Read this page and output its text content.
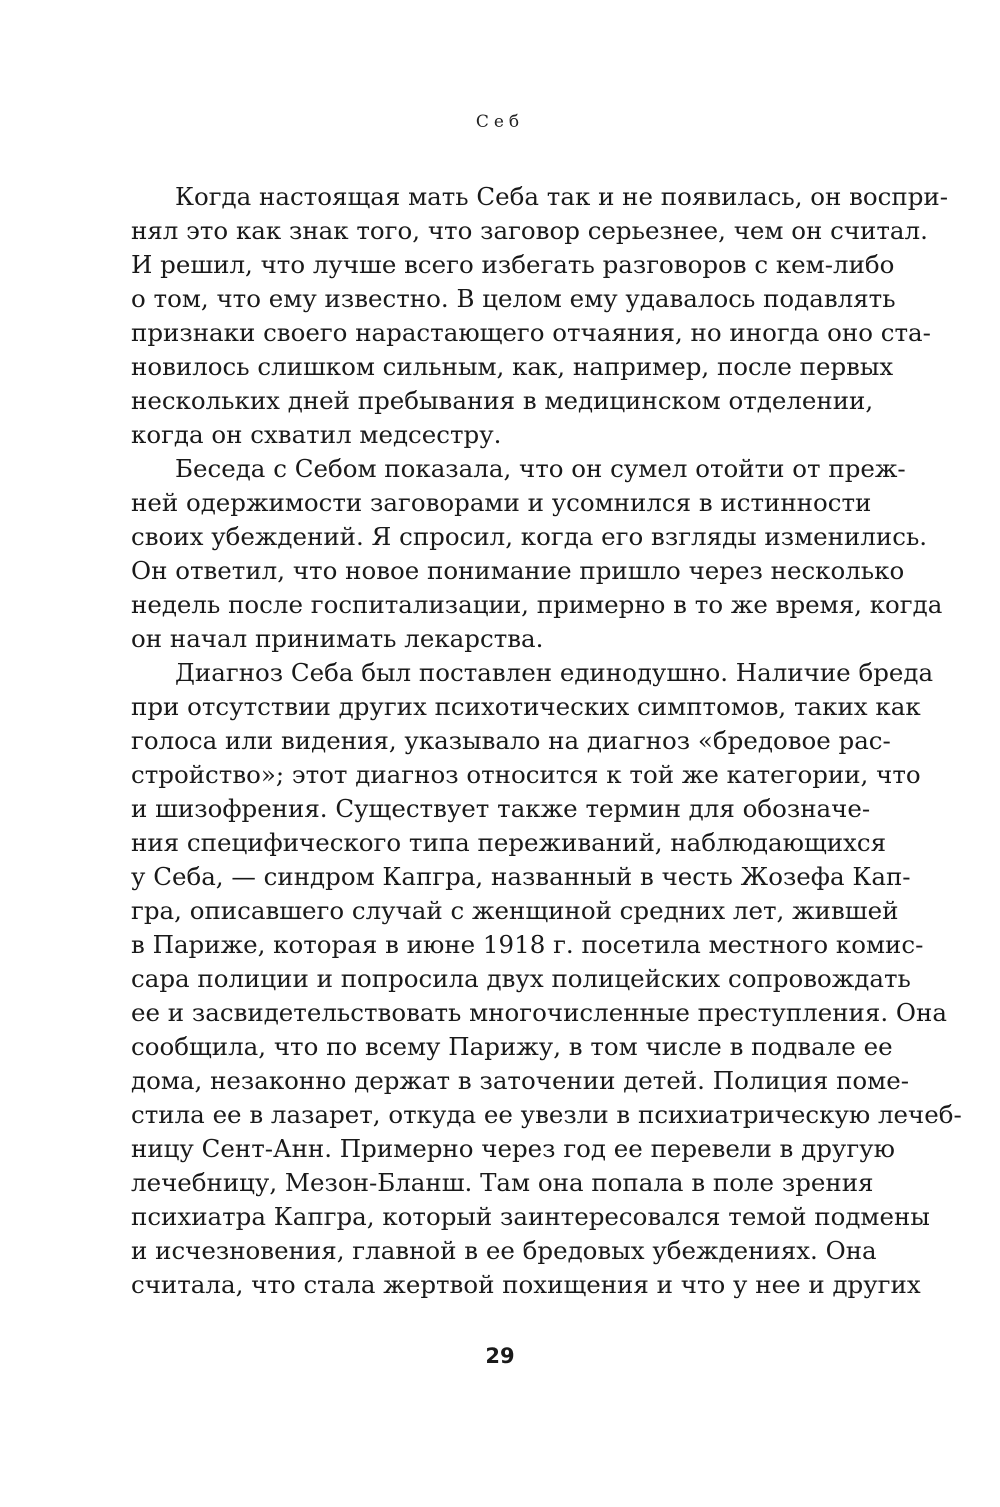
Себ
Когда настоящая мать Себа так и не появилась, он воспри-
нял это как знак того, что заговор серьезнее, чем он считал.
И решил, что лучше всего избегать разговоров с кем-либо
о том, что ему известно. В целом ему удавалось подавлять
признаки своего нарастающего отчаяния, но иногда оно ста-
новилось слишком сильным, как, например, после первых
нескольких дней пребывания в медицинском отделении,
когда он схватил медсестру.
Беседа с Себом показала, что он сумел отойти от преж-
ней одержимости заговорами и усомнился в истинности
своих убеждений. Я спросил, когда его взгляды изменились.
Он ответил, что новое понимание пришло через несколько
недель после госпитализации, примерно в то же время, когда
он начал принимать лекарства.
Диагноз Себа был поставлен единодушно. Наличие бреда
при отсутствии других психотических симптомов, таких как
голоса или видения, указывало на диагноз «бредовое рас-
стройство»; этот диагноз относится к той же категории, что
и шизофрения. Существует также термин для обозначе-
ния специфического типа переживаний, наблюдающихся
у Себа, — синдром Капгра, названный в честь Жозефа Кап-
гра, описавшего случай с женщиной средних лет, жившей
в Париже, которая в июне 1918 г. посетила местного комис-
сара полиции и попросила двух полицейских сопровождать
ее и засвидетельствовать многочисленные преступления. Она
сообщила, что по всему Парижу, в том числе в подвале ее
дома, незаконно держат в заточении детей. Полиция поме-
стила ее в лазарет, откуда ее увезли в психиатрическую лечеб-
ницу Сент-Анн. Примерно через год ее перевели в другую
лечебницу, Мезон-Бланш. Там она попала в поле зрения
психиатра Капгра, который заинтересовался темой подмены
и исчезновения, главной в ее бредовых убеждениях. Она
считала, что стала жертвой похищения и что у нее и других
29
